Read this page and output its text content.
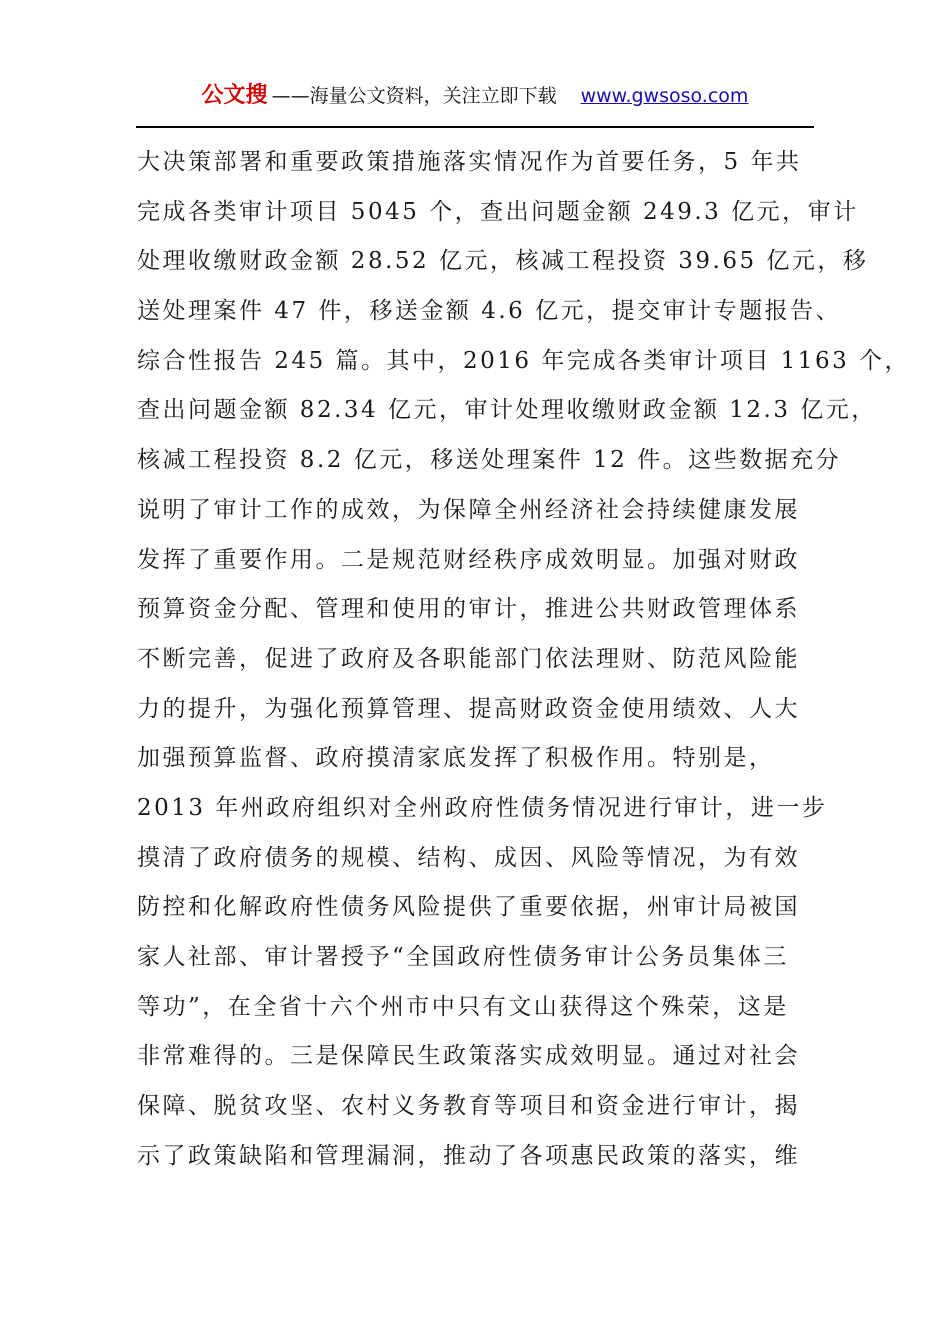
公文搜 ——海量公文资料，关注立即下载 www.gwsoso.com
大决策部署和重要政策措施落实情况作为首要任务，5 年共
完成各类审计项目 5045 个，查出问题金额 249.3 亿元，审计
处理收缴财政金额 28.52 亿元，核减工程投资 39.65 亿元，移
送处理案件 47 件，移送金额 4.6 亿元，提交审计专题报告、
综合性报告 245 篇。其中，2016 年完成各类审计项目 1163 个，
查出问题金额 82.34 亿元，审计处理收缴财政金额 12.3 亿元，
核减工程投资 8.2 亿元，移送处理案件 12 件。这些数据充分
说明了审计工作的成效，为保障全州经济社会持续健康发展
发挥了重要作用。二是规范财经秩序成效明显。加强对财政
预算资金分配、管理和使用的审计，推进公共财政管理体系
不断完善，促进了政府及各职能部门依法理财、防范风险能
力的提升，为强化预算管理、提高财政资金使用绩效、人大
加强预算监督、政府摸清家底发挥了积极作用。特别是，
2013 年州政府组织对全州政府性债务情况进行审计，进一步
摸清了政府债务的规模、结构、成因、风险等情况，为有效
防控和化解政府性债务风险提供了重要依据，州审计局被国
家人社部、审计署授予“全国政府性债务审计公务员集体三
等功”，在全省十六个州市中只有文山获得这个殊荣，这是
非常难得的。三是保障民生政策落实成效明显。通过对社会
保障、脱贫攻坚、农村义务教育等项目和资金进行审计，揭
示了政策缺陷和管理漏洞，推动了各项惠民政策的落实，维
